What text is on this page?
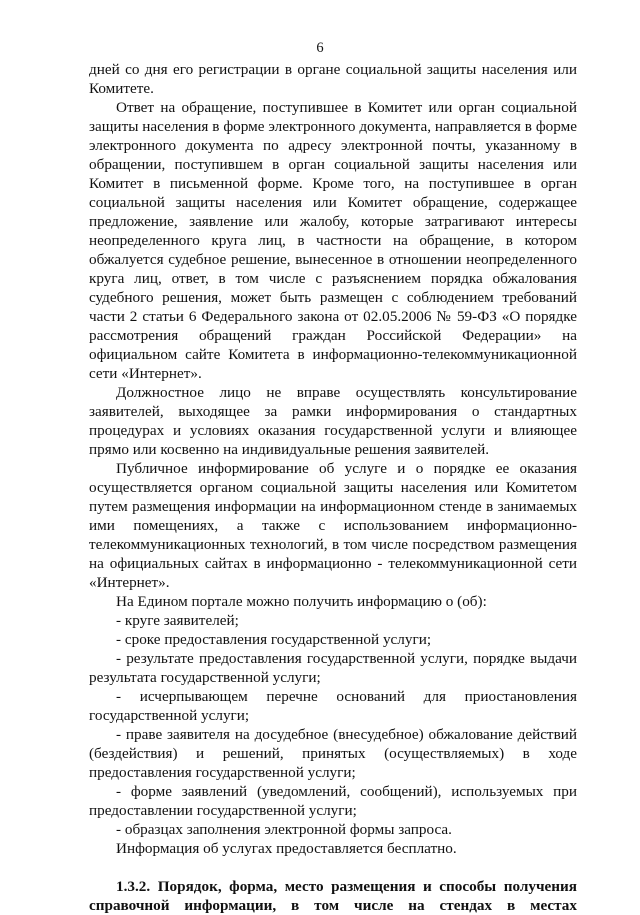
6
дней со дня его регистрации в органе социальной защиты населения или
Комитете.
Ответ на обращение, поступившее в Комитет или орган социальной
защиты населения в форме электронного документа, направляется в форме
электронного документа по адресу электронной почты, указанному в
обращении, поступившем в орган социальной защиты населения или
Комитет в письменной форме. Кроме того, на поступившее в орган
социальной защиты населения или Комитет обращение, содержащее
предложение, заявление или жалобу, которые затрагивают интересы
неопределенного круга лиц, в частности на обращение, в котором
обжалуется судебное решение, вынесенное в отношении неопределенного
круга лиц, ответ, в том числе с разъяснением порядка обжалования
судебного решения, может быть размещен с соблюдением требований
части 2 статьи 6 Федерального закона от 02.05.2006 № 59-ФЗ «О порядке
рассмотрения обращений граждан Российской Федерации» на
официальном сайте Комитета в информационно-телекоммуникационной
сети «Интернет».
Должностное лицо не вправе осуществлять консультирование
заявителей, выходящее за рамки информирования о стандартных
процедурах и условиях оказания государственной услуги и влияющее
прямо или косвенно на индивидуальные решения заявителей.
Публичное информирование об услуге и о порядке ее оказания
осуществляется органом социальной защиты населения или Комитетом
путем размещения информации на информационном стенде в занимаемых
ими помещениях, а также с использованием информационно-
телекоммуникационных технологий, в том числе посредством размещения
на официальных сайтах в информационно - телекоммуникационной сети
«Интернет».
На Едином портале можно получить информацию о (об):
- круге заявителей;
- сроке предоставления государственной услуги;
- результате предоставления государственной услуги, порядке выдачи
результата государственной услуги;
- исчерпывающем перечне оснований для приостановления
государственной услуги;
- праве заявителя на досудебное (внесудебное) обжалование действий
(бездействия) и решений, принятых (осуществляемых) в ходе
предоставления государственной услуги;
- форме заявлений (уведомлений, сообщений), используемых при
предоставлении государственной услуги;
- образцах заполнения электронной формы запроса.
Информация об услугах предоставляется бесплатно.
1.3.2. Порядок, форма, место размещения и способы получения
справочной информации, в том числе на стендах в местах
